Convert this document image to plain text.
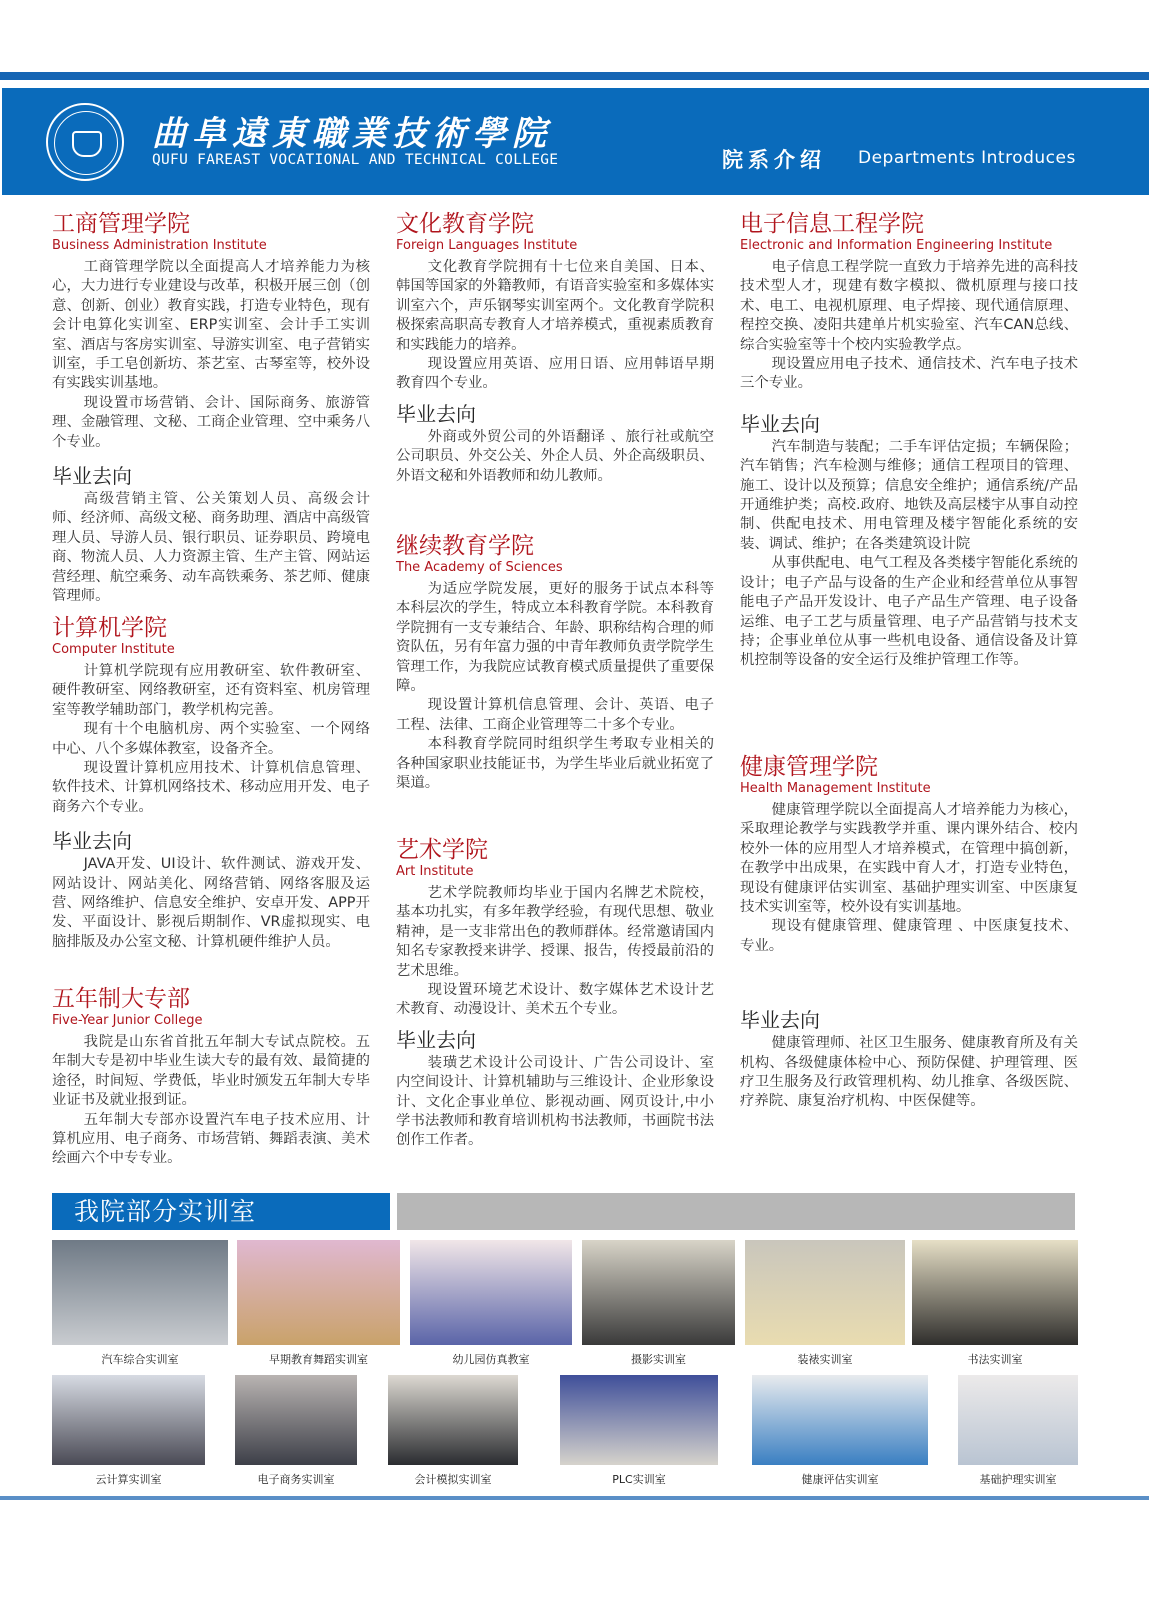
曲阜遠東職業技術學院
QUFU FAREAST VOCATIONAL AND TECHNICAL COLLEGE	院系介绍 Departments Introduces
工商管理学院
Business Administration Institute

工商管理学院以全面提高人才培养能力为核心，大力进行专业建设与改革，积极开展三创（创意、创新、创业）教育实践，打造专业特色，现有会计电算化实训室、ERP实训室、会计手工实训室、酒店与客房实训室、导游实训室、电子营销实训室，手工皂创新坊、茶艺室、古琴室等，校外设有实践实训基地。

现设置市场营销、会计、国际商务、旅游管理、金融管理、文秘、工商企业管理、空中乘务八个专业。

毕业去向

高级营销主管、公关策划人员、高级会计师、经济师、高级文秘、商务助理、酒店中高级管理人员、导游人员、银行职员、证券职员、跨境电商、物流人员、人力资源主管、生产主管、网站运营经理、航空乘务、动车高铁乘务、茶艺师、健康管理师。

计算机学院
Computer Institute

计算机学院现有应用教研室、软件教研室、硬件教研室、网络教研室，还有资料室、机房管理室等教学辅助部门，教学机构完善。

现有十个电脑机房、两个实验室、一个网络中心、八个多媒体教室，设备齐全。

现设置计算机应用技术、计算机信息管理、软件技术、计算机网络技术、移动应用开发、电子商务六个专业。

毕业去向

JAVA开发、UI设计、软件测试、游戏开发、网站设计、网站美化、网络营销、网络客服及运营、网络维护、信息安全维护、安卓开发、APP开发、平面设计、影视后期制作、VR虚拟现实、电脑排版及办公室文秘、计算机硬件维护人员。

五年制大专部
Five-Year Junior College

我院是山东省首批五年制大专试点院校。五年制大专是初中毕业生读大专的最有效、最简捷的途径，时间短、学费低，毕业时颁发五年制大专毕业证书及就业报到证。

五年制大专部亦设置汽车电子技术应用、计算机应用、电子商务、市场营销、舞蹈表演、美术绘画六个中专专业。

文化教育学院
Foreign Languages Institute

文化教育学院拥有十七位来自美国、日本、韩国等国家的外籍教师，有语音实验室和多媒体实训室六个，声乐钢琴实训室两个。文化教育学院积极探索高职高专教育人才培养模式，重视素质教育和实践能力的培养。

现设置应用英语、应用日语、应用韩语早期教育四个专业。

毕业去向

外商或外贸公司的外语翻译 、旅行社或航空公司职员、外交公关、外企人员、外企高级职员、外语文秘和外语教师和幼儿教师。

继续教育学院
The Academy of Sciences

为适应学院发展，更好的服务于试点本科等本科层次的学生，特成立本科教育学院。本科教育学院拥有一支专兼结合、年龄、职称结构合理的师资队伍，另有年富力强的中青年教师负责学院学生管理工作，为我院应试教育模式质量提供了重要保障。

现设置计算机信息管理、会计、英语、电子工程、法律、工商企业管理等二十多个专业。

本科教育学院同时组织学生考取专业相关的各种国家职业技能证书，为学生毕业后就业拓宽了渠道。

艺术学院
Art Institute

艺术学院教师均毕业于国内名牌艺术院校，基本功扎实，有多年教学经验，有现代思想、敬业精神，是一支非常出色的教师群体。经常邀请国内知名专家教授来讲学、授课、报告，传授最前沿的艺术思维。

现设置环境艺术设计、数字媒体艺术设计艺术教育、动漫设计、美术五个专业。

毕业去向

装璜艺术设计公司设计、广告公司设计、室内空间设计、计算机辅助与三维设计、企业形象设计、文化企事业单位、影视动画、网页设计,中小学书法教师和教育培训机构书法教师，书画院书法创作工作者。

电子信息工程学院
Electronic and Information Engineering Institute

电子信息工程学院一直致力于培养先进的高科技技术型人才，现建有数字模拟、微机原理与接口技术、电工、电视机原理、电子焊接、现代通信原理、程控交换、凌阳共建单片机实验室、汽车CAN总线、综合实验室等十个校内实验教学点。

现设置应用电子技术、通信技术、汽车电子技术三个专业。

毕业去向

汽车制造与装配；二手车评估定损；车辆保险；汽车销售；汽车检测与维修；通信工程项目的管理、施工、设计以及预算；信息安全维护；通信系统/产品开通维护类；高校.政府、地铁及高层楼宇从事自动控制、供配电技术、用电管理及楼宇智能化系统的安装、调试、维护；在各类建筑设计院

从事供配电、电气工程及各类楼宇智能化系统的设计；电子产品与设备的生产企业和经营单位从事智能电子产品开发设计、电子产品生产管理、电子设备运维、电子工艺与质量管理、电子产品营销与技术支持；企事业单位从事一些机电设备、通信设备及计算机控制等设备的安全运行及维护管理工作等。

健康管理学院
Health Management Institute

健康管理学院以全面提高人才培养能力为核心，采取理论教学与实践教学并重、课内课外结合、校内校外一体的应用型人才培养模式，在管理中搞创新，在教学中出成果，在实践中育人才，打造专业特色，现设有健康评估实训室、基础护理实训室、中医康复技术实训室等，校外设有实训基地。

现设有健康管理、健康管理 、中医康复技术、专业。

毕业去向

健康管理师、社区卫生服务、健康教育所及有关机构、各级健康体检中心、预防保健、护理管理、医疗卫生服务及行政管理机构、幼儿推拿、各级医院、疗养院、康复治疗机构、中医保健等。

我院部分实训室
汽车综合实训室	早期教育舞蹈实训室	幼儿园仿真教室	摄影实训室	装裱实训室	书法实训室
云计算实训室	电子商务实训室	会计模拟实训室	PLC实训室	健康评估实训室	基础护理实训室
